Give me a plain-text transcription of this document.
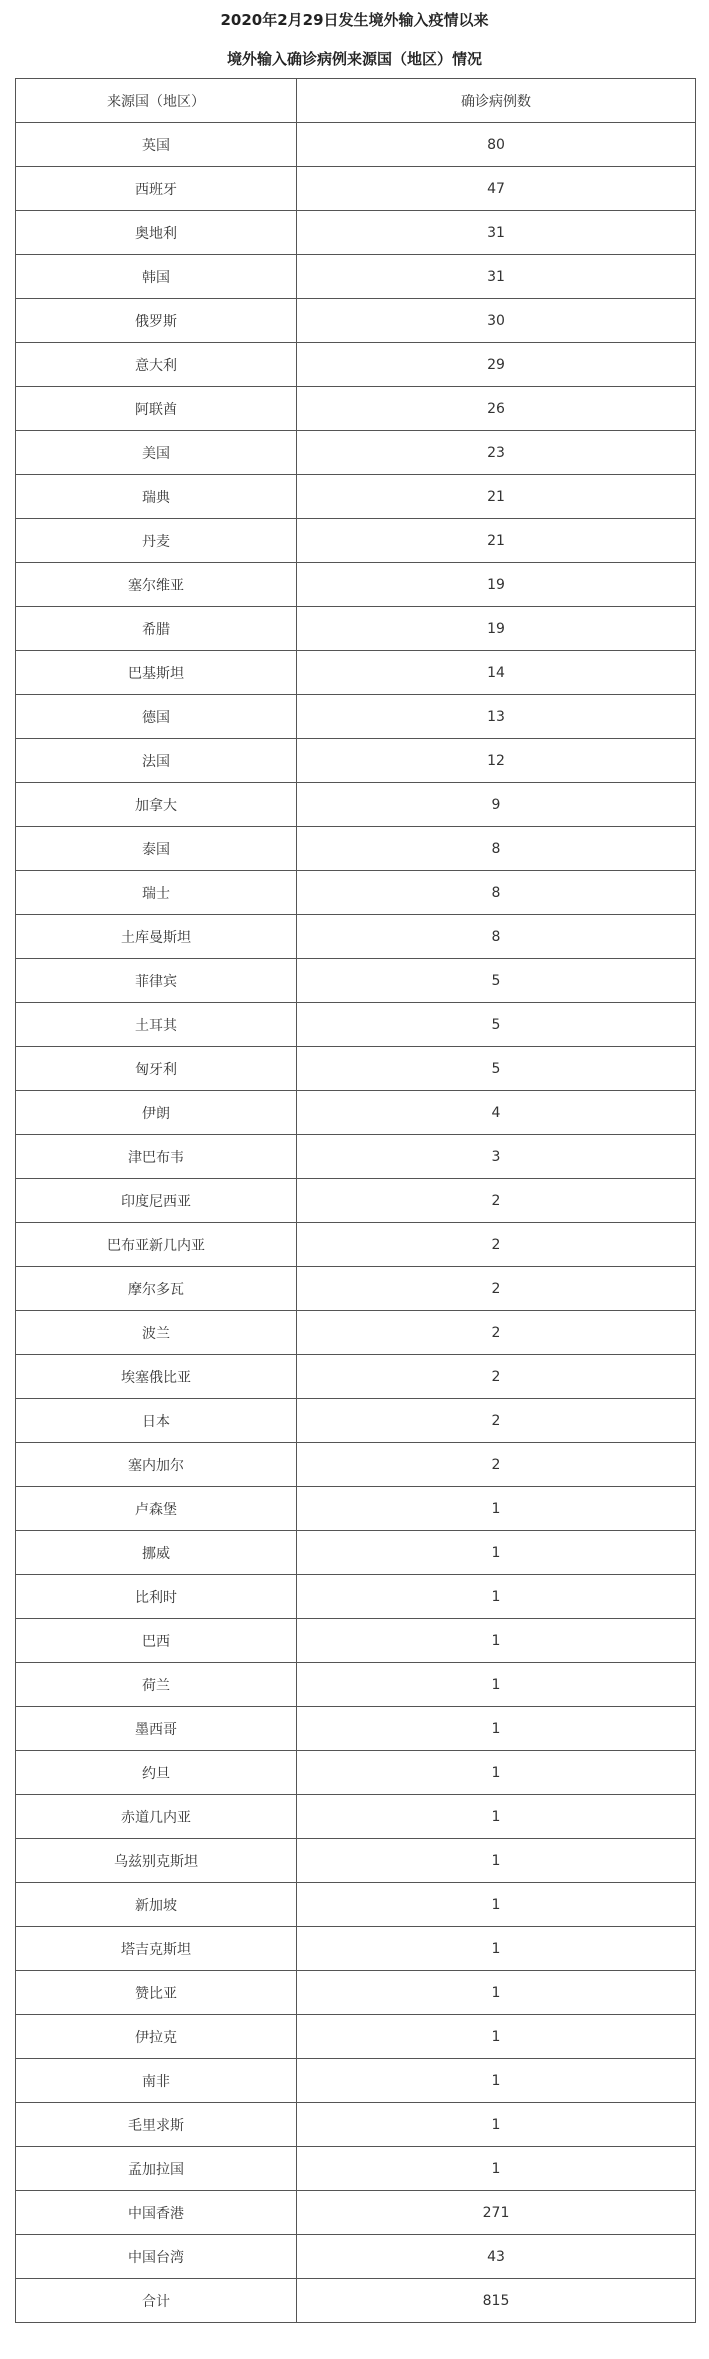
2020年2月29日发生境外输入疫情以来
境外输入确诊病例来源国（地区）情况
来源国（地区）	确诊病例数
英国	80
西班牙	47
奥地利	31
韩国	31
俄罗斯	30
意大利	29
阿联酋	26
美国	23
瑞典	21
丹麦	21
塞尔维亚	19
希腊	19
巴基斯坦	14
德国	13
法国	12
加拿大	9
泰国	8
瑞士	8
土库曼斯坦	8
菲律宾	5
土耳其	5
匈牙利	5
伊朗	4
津巴布韦	3
印度尼西亚	2
巴布亚新几内亚	2
摩尔多瓦	2
波兰	2
埃塞俄比亚	2
日本	2
塞内加尔	2
卢森堡	1
挪威	1
比利时	1
巴西	1
荷兰	1
墨西哥	1
约旦	1
赤道几内亚	1
乌兹别克斯坦	1
新加坡	1
塔吉克斯坦	1
赞比亚	1
伊拉克	1
南非	1
毛里求斯	1
孟加拉国	1
中国香港	271
中国台湾	43
合计	815
